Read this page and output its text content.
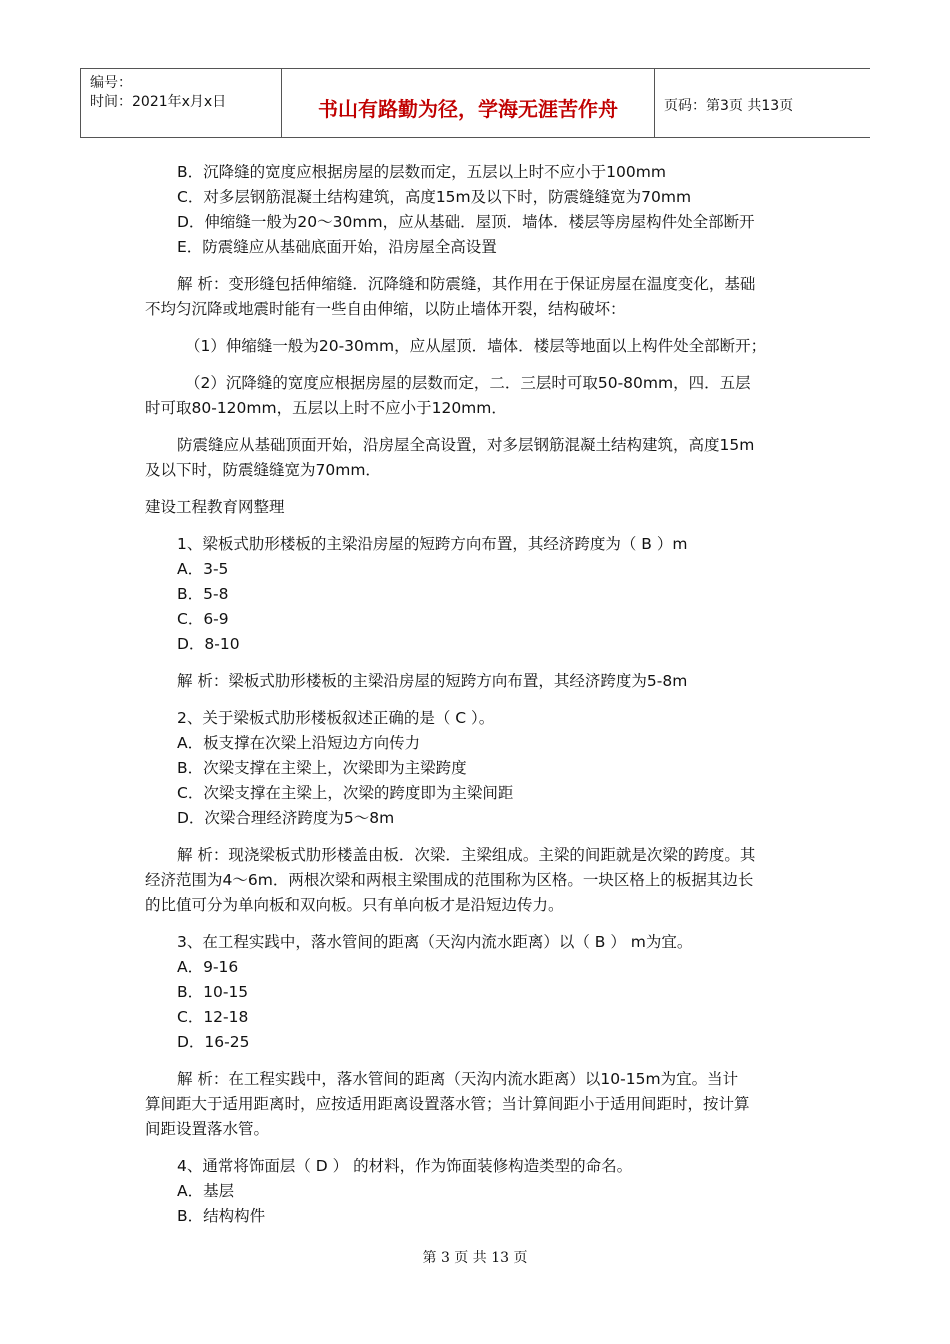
编号：
时间：2021年x月x日	书山有路勤为径，学海无涯苦作舟	页码：第3页 共13页
B．沉降缝的宽度应根据房屋的层数而定，五层以上时不应小于100mm
C．对多层钢筋混凝土结构建筑，高度15m及以下时，防震缝缝宽为70mm
D．伸缩缝一般为20～30mm，应从基础．屋顶．墙体．楼层等房屋构件处全部断开
E．防震缝应从基础底面开始，沿房屋全高设置
解 析：变形缝包括伸缩缝．沉降缝和防震缝，其作用在于保证房屋在温度变化，基础
不均匀沉降或地震时能有一些自由伸缩，以防止墙体开裂，结构破坏：
（1）伸缩缝一般为20-30mm，应从屋顶．墙体．楼层等地面以上构件处全部断开；
（2）沉降缝的宽度应根据房屋的层数而定，二．三层时可取50-80mm，四．五层
时可取80-120mm，五层以上时不应小于120mm．
防震缝应从基础顶面开始，沿房屋全高设置，对多层钢筋混凝土结构建筑，高度15m
及以下时，防震缝缝宽为70mm．
建设工程教育网整理
1、梁板式肋形楼板的主梁沿房屋的短跨方向布置，其经济跨度为（ B ）m
A．3-5
B．5-8
C．6-9
D．8-10
解 析：梁板式肋形楼板的主梁沿房屋的短跨方向布置，其经济跨度为5-8m
2、关于梁板式肋形楼板叙述正确的是（ C ）。
A．板支撑在次梁上沿短边方向传力
B．次梁支撑在主梁上，次梁即为主梁跨度
C．次梁支撑在主梁上，次梁的跨度即为主梁间距
D．次梁合理经济跨度为5～8m
解 析：现浇梁板式肋形楼盖由板．次梁．主梁组成。主梁的间距就是次梁的跨度。其
经济范围为4～6m．两根次梁和两根主梁围成的范围称为区格。一块区格上的板据其边长
的比值可分为单向板和双向板。只有单向板才是沿短边传力。
3、在工程实践中，落水管间的距离（天沟内流水距离）以（ B ） m为宜。
A．9-16
B．10-15
C．12-18
D．16-25
解 析：在工程实践中，落水管间的距离（天沟内流水距离）以10-15m为宜。当计
算间距大于适用距离时，应按适用距离设置落水管；当计算间距小于适用间距时，按计算
间距设置落水管。
4、通常将饰面层（ D ） 的材料，作为饰面装修构造类型的命名。
A．基层
B．结构构件
第 3 页 共 13 页
